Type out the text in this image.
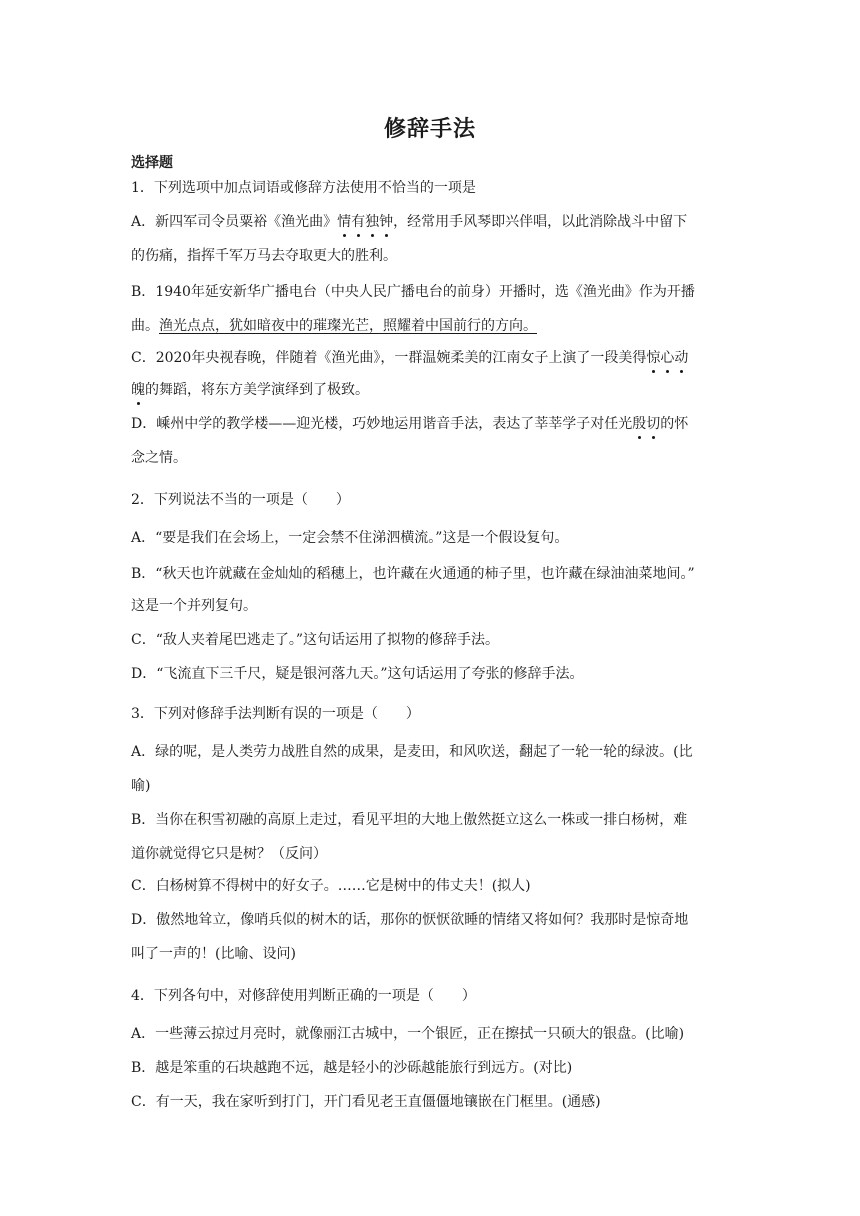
修辞手法
选择题
1．下列选项中加点词语或修辞方法使用不恰当的一项是
A．新四军司令员粟裕《渔光曲》情有独钟，经常用手风琴即兴伴唱，以此消除战斗中留下
的伤痛，指挥千军万马去夺取更大的胜利。
B．1940年延安新华广播电台（中央人民广播电台的前身）开播时，选《渔光曲》作为开播
曲。渔光点点，犹如暗夜中的璀璨光芒，照耀着中国前行的方向。
C．2020年央视春晚，伴随着《渔光曲》，一群温婉柔美的江南女子上演了一段美得惊心动
魄的舞蹈，将东方美学演绎到了极致。
D．嵊州中学的教学楼——迎光楼，巧妙地运用谐音手法，表达了莘莘学子对任光殷切的怀
念之情。
2．下列说法不当的一项是（　　）
A．“要是我们在会场上，一定会禁不住涕泗横流。”这是一个假设复句。
B．“秋天也许就藏在金灿灿的稻穗上，也许藏在火通通的柿子里，也许藏在绿油油菜地间。”
这是一个并列复句。
C．“敌人夹着尾巴逃走了。”这句话运用了拟物的修辞手法。
D．“飞流直下三千尺，疑是银河落九天。”这句话运用了夸张的修辞手法。
3．下列对修辞手法判断有误的一项是（　　）
A．绿的呢，是人类劳力战胜自然的成果，是麦田，和风吹送，翻起了一轮一轮的绿波。(比
喻)
B．当你在积雪初融的高原上走过，看见平坦的大地上傲然挺立这么一株或一排白杨树，难
道你就觉得它只是树？（反问）
C．白杨树算不得树中的好女子。……它是树中的伟丈夫！(拟人)
D．傲然地耸立，像哨兵似的树木的话，那你的恹恹欲睡的情绪又将如何？我那时是惊奇地
叫了一声的！(比喻、设问)
4．下列各句中，对修辞使用判断正确的一项是（　　）
A．一些薄云掠过月亮时，就像丽江古城中，一个银匠，正在擦拭一只硕大的银盘。(比喻)
B．越是笨重的石块越跑不远，越是轻小的沙砾越能旅行到远方。(对比)
C．有一天，我在家听到打门，开门看见老王直僵僵地镶嵌在门框里。(通感)
